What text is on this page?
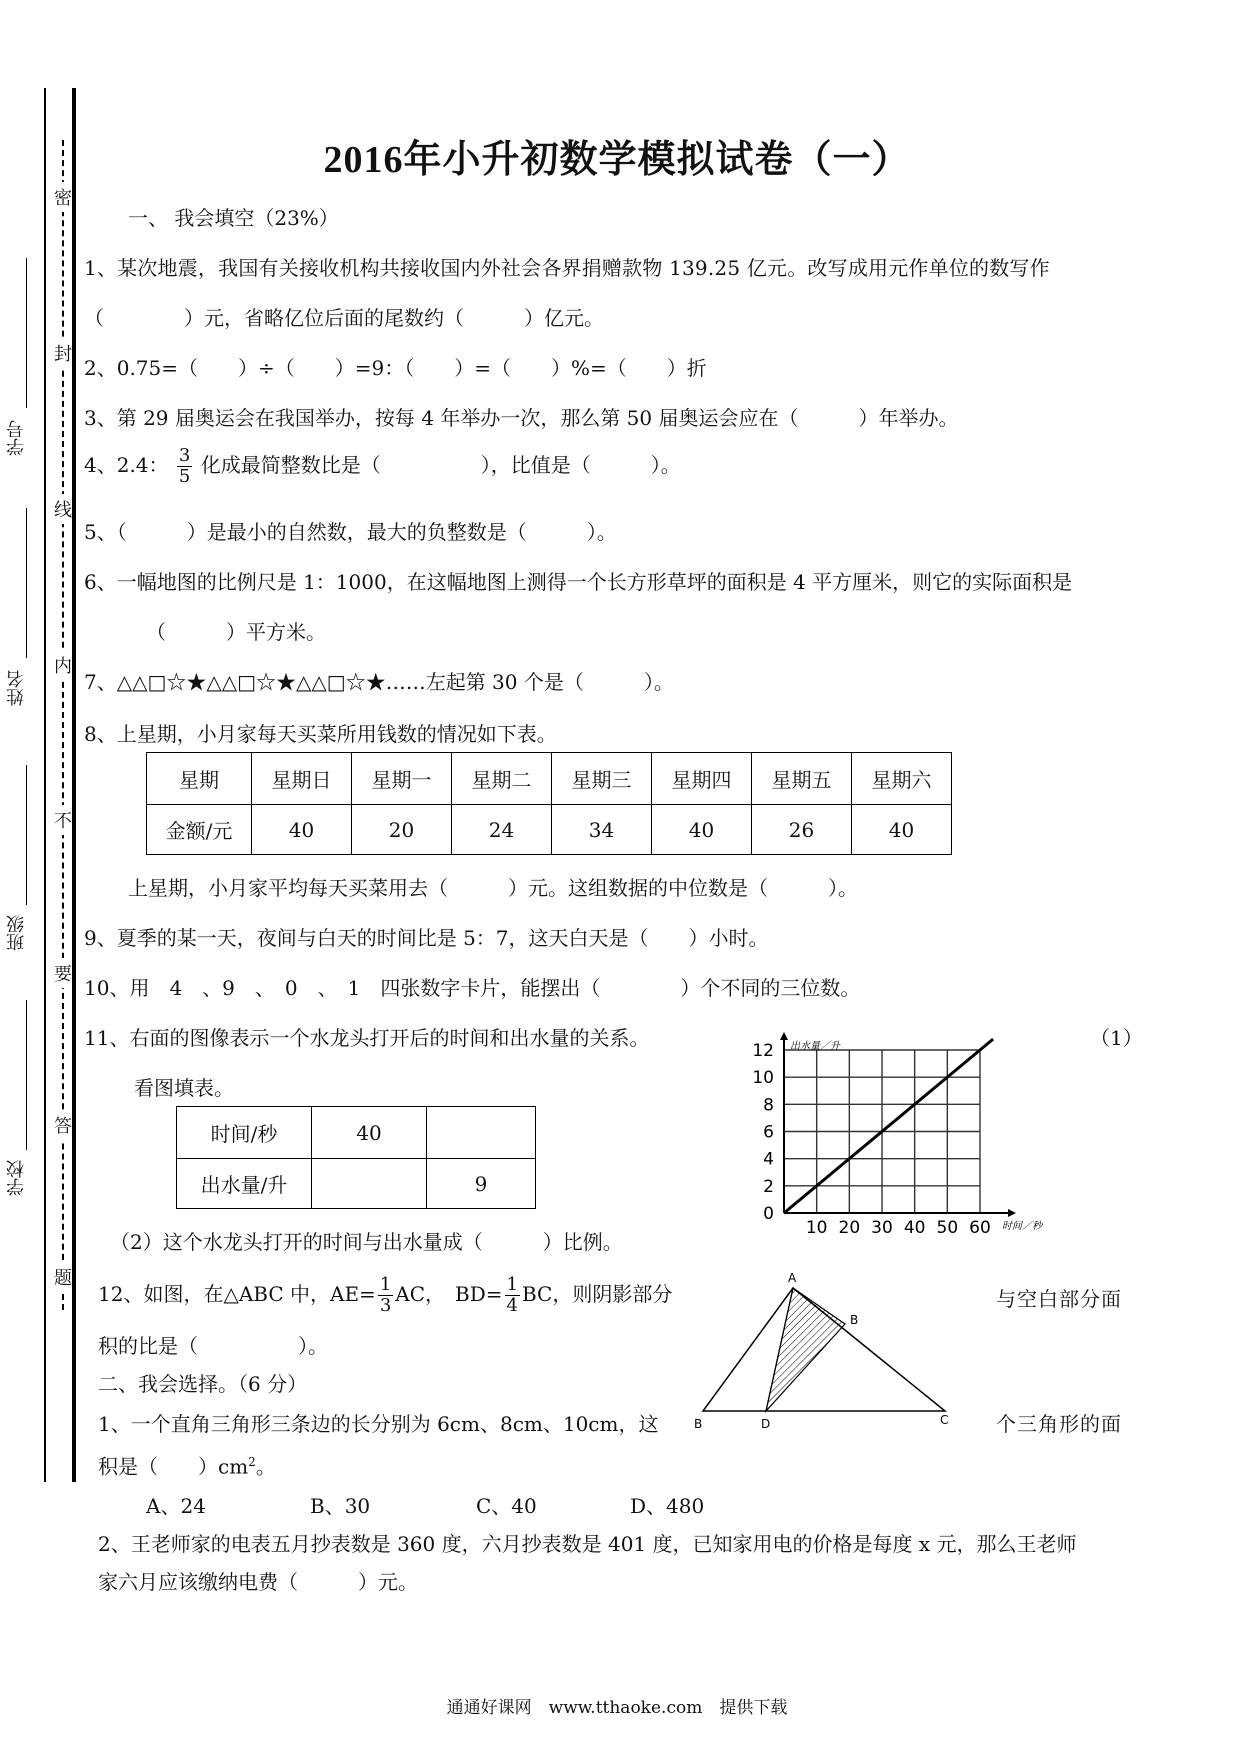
密
封
线
内
不
要
答
题
学号
姓名
班级
学校
2016年小升初数学模拟试卷（一）
一、 我会填空（23%）
1、某次地震，我国有关接收机构共接收国内外社会各界捐赠款物 139.25 亿元。改写成用元作单位的数写作
（　　　　）元，省略亿位后面的尾数约（　　　）亿元。
2、0.75=（　　）÷（　　）=9：（　　）=（　　）%=（　　）折
3、第 29 届奥运会在我国举办，按每 4 年举办一次，那么第 50 届奥运会应在（　　　）年举办。
4、2.4： $\frac{3}{5}$ 化成最简整数比是（　　　　　），比值是（　　　）。
5、（　　　）是最小的自然数，最大的负整数是（　　　）。
6、一幅地图的比例尺是 1：1000，在这幅地图上测得一个长方形草坪的面积是 4 平方厘米，则它的实际面积是
（　　　）平方米。
7、△△□☆★△△□☆★△△□☆★……左起第 30 个是（　　　）。
8、上星期，小月家每天买菜所用钱数的情况如下表。
星期	星期日	星期一	星期二	星期三	星期四	星期五	星期六
金额/元	40	20	24	34	40	26	40
上星期，小月家平均每天买菜用去（　　　）元。这组数据的中位数是（　　　）。
9、夏季的某一天，夜间与白天的时间比是 5：7，这天白天是（　　）小时。
10、用　4　、9　、　0　、　1　四张数字卡片，能摆出（　　　　）个不同的三位数。
11、右面的图像表示一个水龙头打开后的时间和出水量的关系。	（1）
看图填表。
时间/秒	40	
出水量/升		9
（2）这个水龙头打开的时间与出水量成（　　　）比例。
10 20 30 40 50 60
0
2
4
6
8
10
12 出水量／升
时间／秒
12、如图，在△ABC 中，$AE= \frac{1}{3}$ AC，　$BD= \frac{1}{4}$ BC，则阴影部分	与空白部分面
积的比是（　　　　　）。
A
B
B	D	C
二、我会选择。（6 分）
1、一个直角三角形三条边的长分别为 6cm、8cm、10cm，这	个三角形的面
积是（　　）$cm^2$。
A、24	B、30	C、40	D、480
2、王老师家的电表五月抄表数是 360 度，六月抄表数是 401 度，已知家用电的价格是每度 x 元，那么王老师
家六月应该缴纳电费（　　　）元。
通通好课网　www.tthaoke.com　提供下载
